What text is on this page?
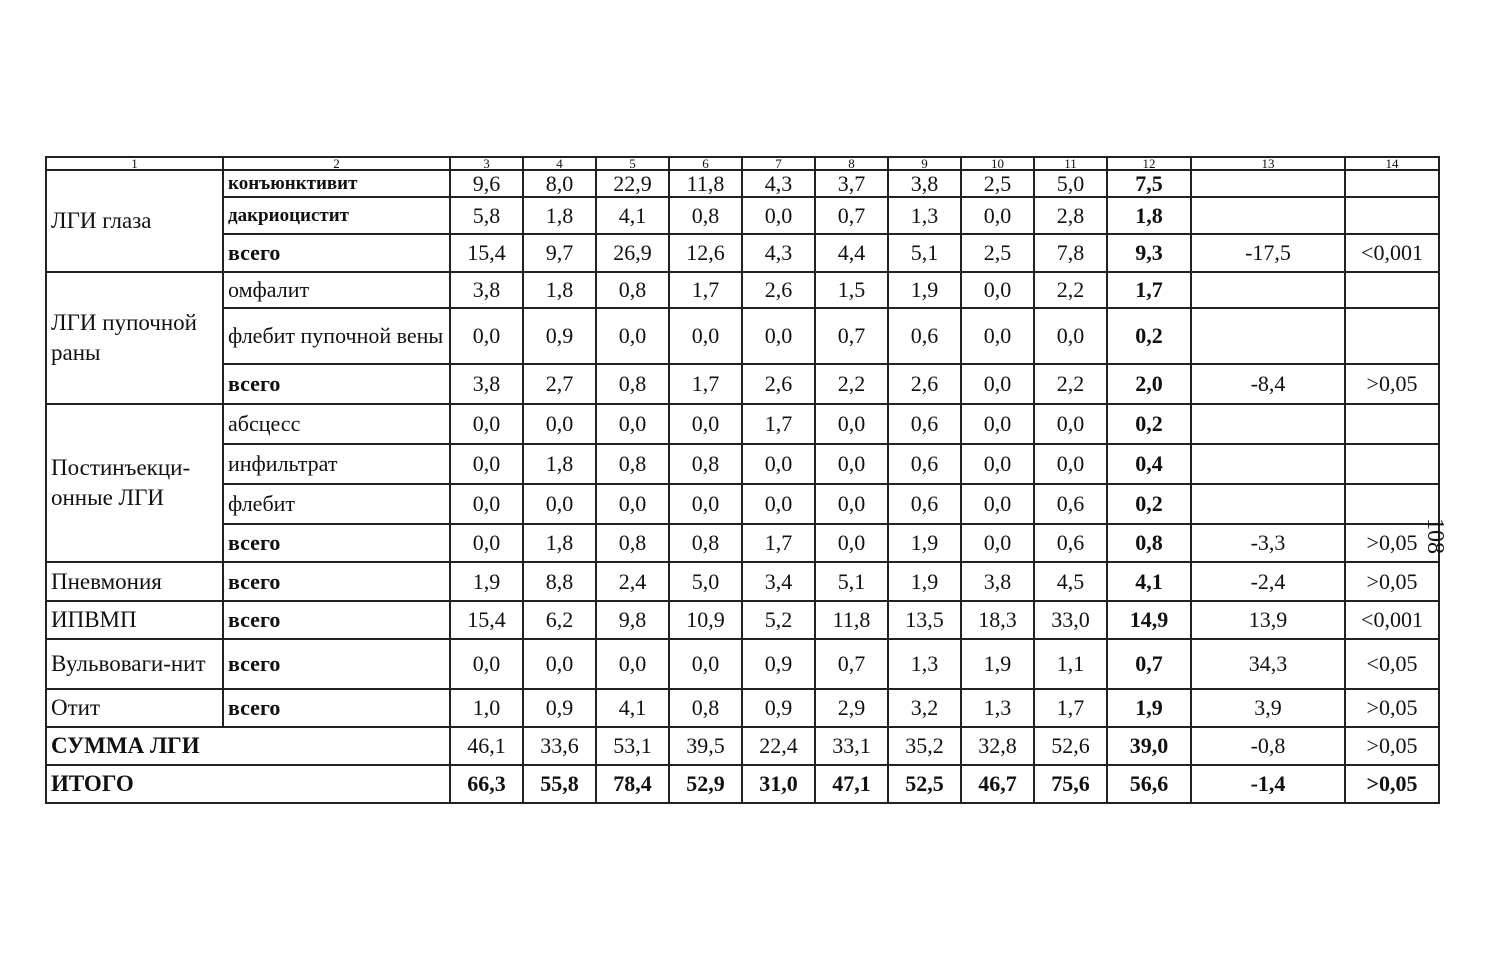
1	2	3	4	5	6	7	8	9	10	11	12	13	14
ЛГИ глаза	конъюнктивит	9,6	8,0	22,9	11,8	4,3	3,7	3,8	2,5	5,0	7,5		
	дакриоцистит	5,8	1,8	4,1	0,8	0,0	0,7	1,3	0,0	2,8	1,8		
	всего	15,4	9,7	26,9	12,6	4,3	4,4	5,1	2,5	7,8	9,3	-17,5	<0,001
ЛГИ пупочной раны	омфалит	3,8	1,8	0,8	1,7	2,6	1,5	1,9	0,0	2,2	1,7		
	флебит пупочной вены	0,0	0,9	0,0	0,0	0,0	0,7	0,6	0,0	0,0	0,2		
	всего	3,8	2,7	0,8	1,7	2,6	2,2	2,6	0,0	2,2	2,0	-8,4	>0,05
Постинъекци-онные ЛГИ	абсцесс	0,0	0,0	0,0	0,0	1,7	0,0	0,6	0,0	0,0	0,2		
	инфильтрат	0,0	1,8	0,8	0,8	0,0	0,0	0,6	0,0	0,0	0,4		
	флебит	0,0	0,0	0,0	0,0	0,0	0,0	0,6	0,0	0,6	0,2		
	всего	0,0	1,8	0,8	0,8	1,7	0,0	1,9	0,0	0,6	0,8	-3,3	>0,05
Пневмония	всего	1,9	8,8	2,4	5,0	3,4	5,1	1,9	3,8	4,5	4,1	-2,4	>0,05
ИПВМП	всего	15,4	6,2	9,8	10,9	5,2	11,8	13,5	18,3	33,0	14,9	13,9	<0,001
Вульвоваги-нит	всего	0,0	0,0	0,0	0,0	0,9	0,7	1,3	1,9	1,1	0,7	34,3	<0,05
Отит	всего	1,0	0,9	4,1	0,8	0,9	2,9	3,2	1,3	1,7	1,9	3,9	>0,05
СУММА ЛГИ		46,1	33,6	53,1	39,5	22,4	33,1	35,2	32,8	52,6	39,0	-0,8	>0,05
ИТОГО		66,3	55,8	78,4	52,9	31,0	47,1	52,5	46,7	75,6	56,6	-1,4	>0,05
108
